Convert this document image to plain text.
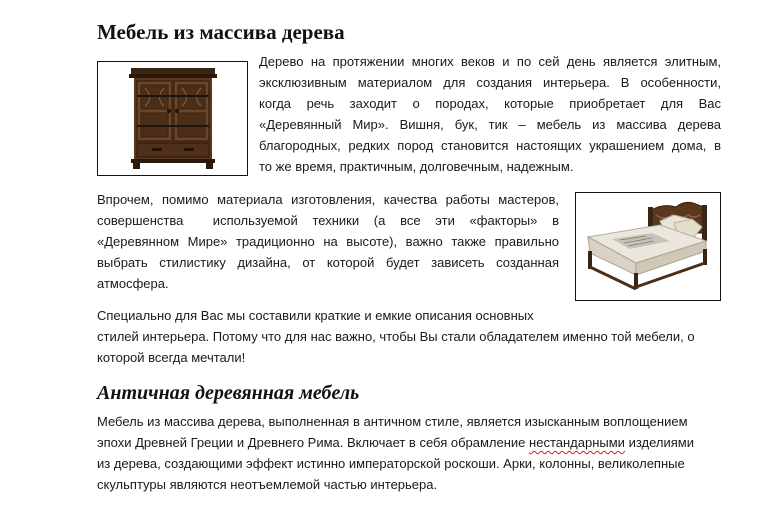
Мебель из массива дерева

Дерево на протяжении многих веков и по сей день является элитным,
эксклюзивным материалом для создания интерьера. В особенности,
когда речь заходит о породах, которые приобретает для Вас
«Деревянный Мир». Вишня, бук, тик – мебель из массива дерева
благородных, редких пород становится настоящих украшением дома, в
то же время, практичным, долговечным, надежным.

Впрочем, помимо материала изготовления, качества работы мастеров,
совершенства  используемой техники (а все эти «факторы» в
«Деревянном Мире» традиционно на высоте), важно также правильно
выбрать стилистику дизайна, от которой будет зависеть созданная
атмосфера.

Специально для Вас мы составили краткие и емкие описания основных
стилей интерьера. Потому что для нас важно, чтобы Вы стали обладателем именно той мебели, о
которой всегда мечтали!

Античная деревянная мебель

Мебель из массива дерева, выполненная в античном стиле, является изысканным воплощением
эпохи Древней Греции и Древнего Рима. Включает в себя обрамление нестандарными изделиями
из дерева, создающими эффект истинно императорской роскоши. Арки, колонны, великолепные
скульптуры являются неотъемлемой частью интерьера.
